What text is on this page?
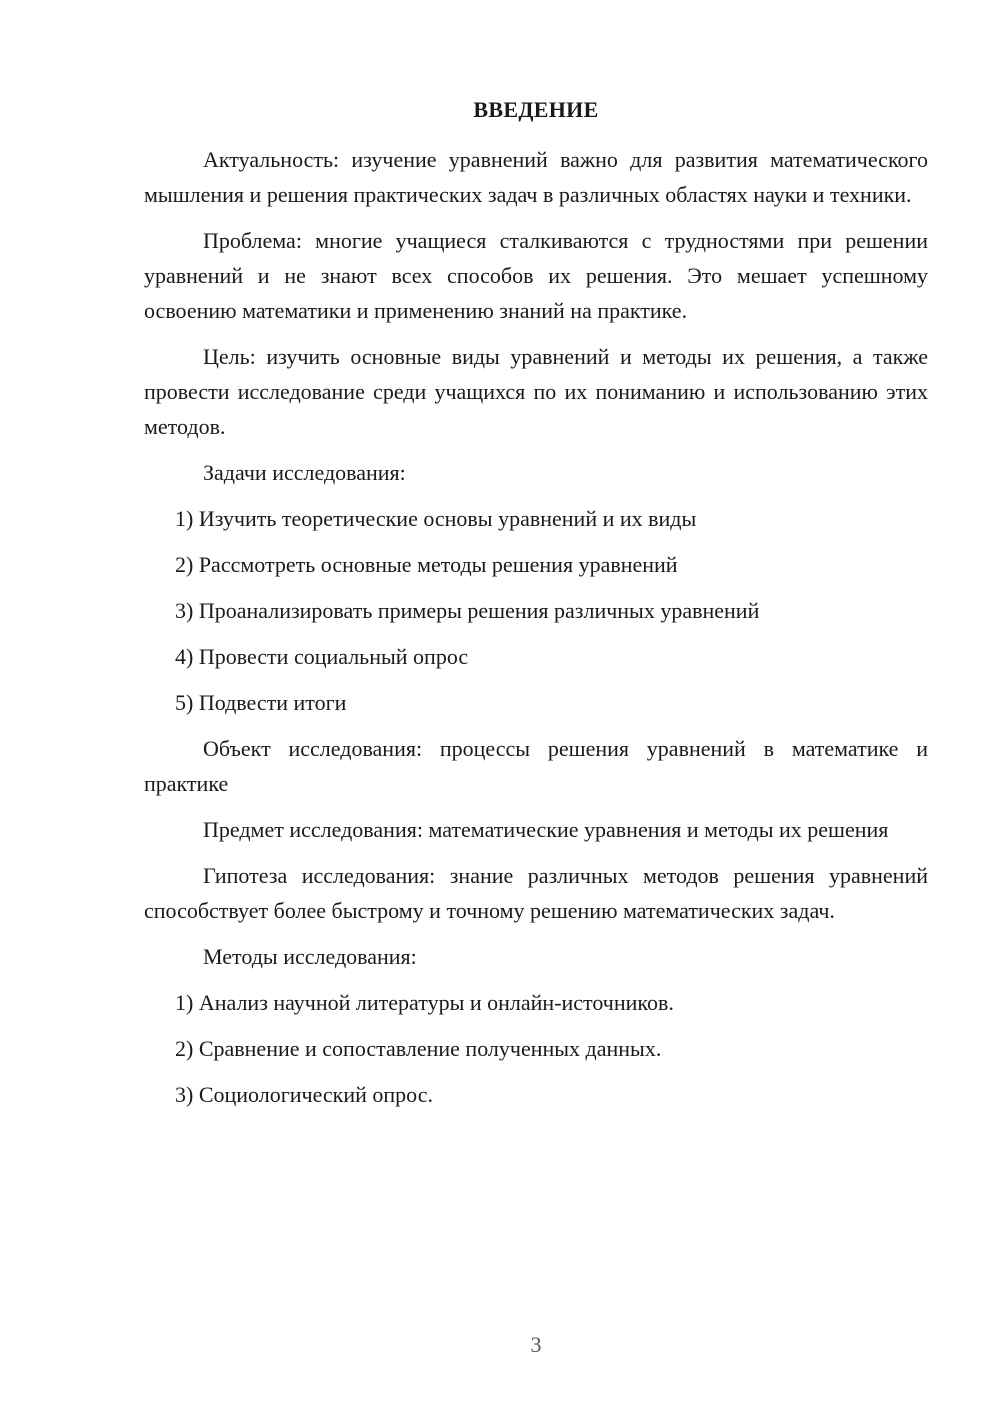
ВВЕДЕНИЕ

Актуальность: изучение уравнений важно для развития математического мышления и решения практических задач в различных областях науки и техники.

Проблема: многие учащиеся сталкиваются с трудностями при решении уравнений и не знают всех способов их решения. Это мешает успешному освоению математики и применению знаний на практике.

Цель: изучить основные виды уравнений и методы их решения, а также провести исследование среди учащихся по их пониманию и использованию этих методов.

Задачи исследования:

1) Изучить теоретические основы уравнений и их виды
2) Рассмотреть основные методы решения уравнений
3) Проанализировать примеры решения различных уравнений
4) Провести социальный опрос
5) Подвести итоги

Объект исследования: процессы решения уравнений в математике и практике

Предмет исследования: математические уравнения и методы их решения

Гипотеза исследования: знание различных методов решения уравнений способствует более быстрому и точному решению математических задач.

Методы исследования:

1) Анализ научной литературы и онлайн-источников.
2) Сравнение и сопоставление полученных данных.
3) Социологический опрос.
3
